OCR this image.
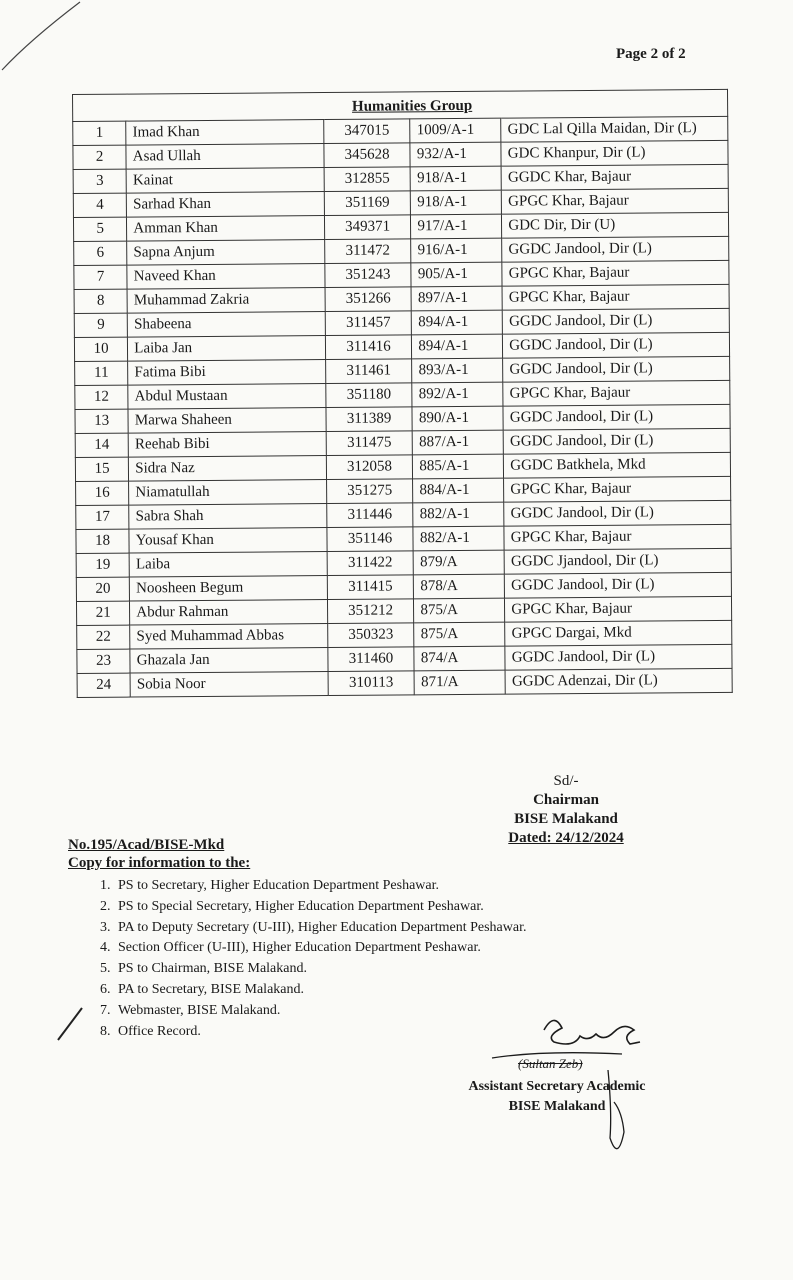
Page 2 of 2
		Humanities Group		
1	Imad Khan	347015	1009/A-1	GDC Lal Qilla Maidan, Dir (L)
2	Asad Ullah	345628	932/A-1	GDC Khanpur, Dir (L)
3	Kainat	312855	918/A-1	GGDC Khar, Bajaur
4	Sarhad Khan	351169	918/A-1	GPGC Khar, Bajaur
5	Amman Khan	349371	917/A-1	GDC Dir, Dir (U)
6	Sapna Anjum	311472	916/A-1	GGDC Jandool, Dir (L)
7	Naveed Khan	351243	905/A-1	GPGC Khar, Bajaur
8	Muhammad Zakria	351266	897/A-1	GPGC Khar, Bajaur
9	Shabeena	311457	894/A-1	GGDC Jandool, Dir (L)
10	Laiba Jan	311416	894/A-1	GGDC Jandool, Dir (L)
11	Fatima Bibi	311461	893/A-1	GGDC Jandool, Dir (L)
12	Abdul Mustaan	351180	892/A-1	GPGC Khar, Bajaur
13	Marwa Shaheen	311389	890/A-1	GGDC Jandool, Dir (L)
14	Reehab Bibi	311475	887/A-1	GGDC Jandool, Dir (L)
15	Sidra Naz	312058	885/A-1	GGDC Batkhela, Mkd
16	Niamatullah	351275	884/A-1	GPGC Khar, Bajaur
17	Sabra Shah	311446	882/A-1	GGDC Jandool, Dir (L)
18	Yousaf Khan	351146	882/A-1	GPGC Khar, Bajaur
19	Laiba	311422	879/A	GGDC Jjandool, Dir (L)
20	Noosheen Begum	311415	878/A	GGDC Jandool, Dir (L)
21	Abdur Rahman	351212	875/A	GPGC Khar, Bajaur
22	Syed Muhammad Abbas	350323	875/A	GPGC Dargai, Mkd
23	Ghazala Jan	311460	874/A	GGDC Jandool, Dir (L)
24	Sobia Noor	310113	871/A	GGDC Adenzai, Dir (L)
Sd/-
Chairman
BISE Malakand
Dated: 24/12/2024
No.195/Acad/BISE-Mkd
Copy for information to the:
1. PS to Secretary, Higher Education Department Peshawar.
2. PS to Special Secretary, Higher Education Department Peshawar.
3. PA to Deputy Secretary (U-III), Higher Education Department Peshawar.
4. Section Officer (U-III), Higher Education Department Peshawar.
5. PS to Chairman, BISE Malakand.
6. PA to Secretary, BISE Malakand.
7. Webmaster, BISE Malakand.
8. Office Record.
(Sultan Zeb)
Assistant Secretary Academic
BISE Malakand
